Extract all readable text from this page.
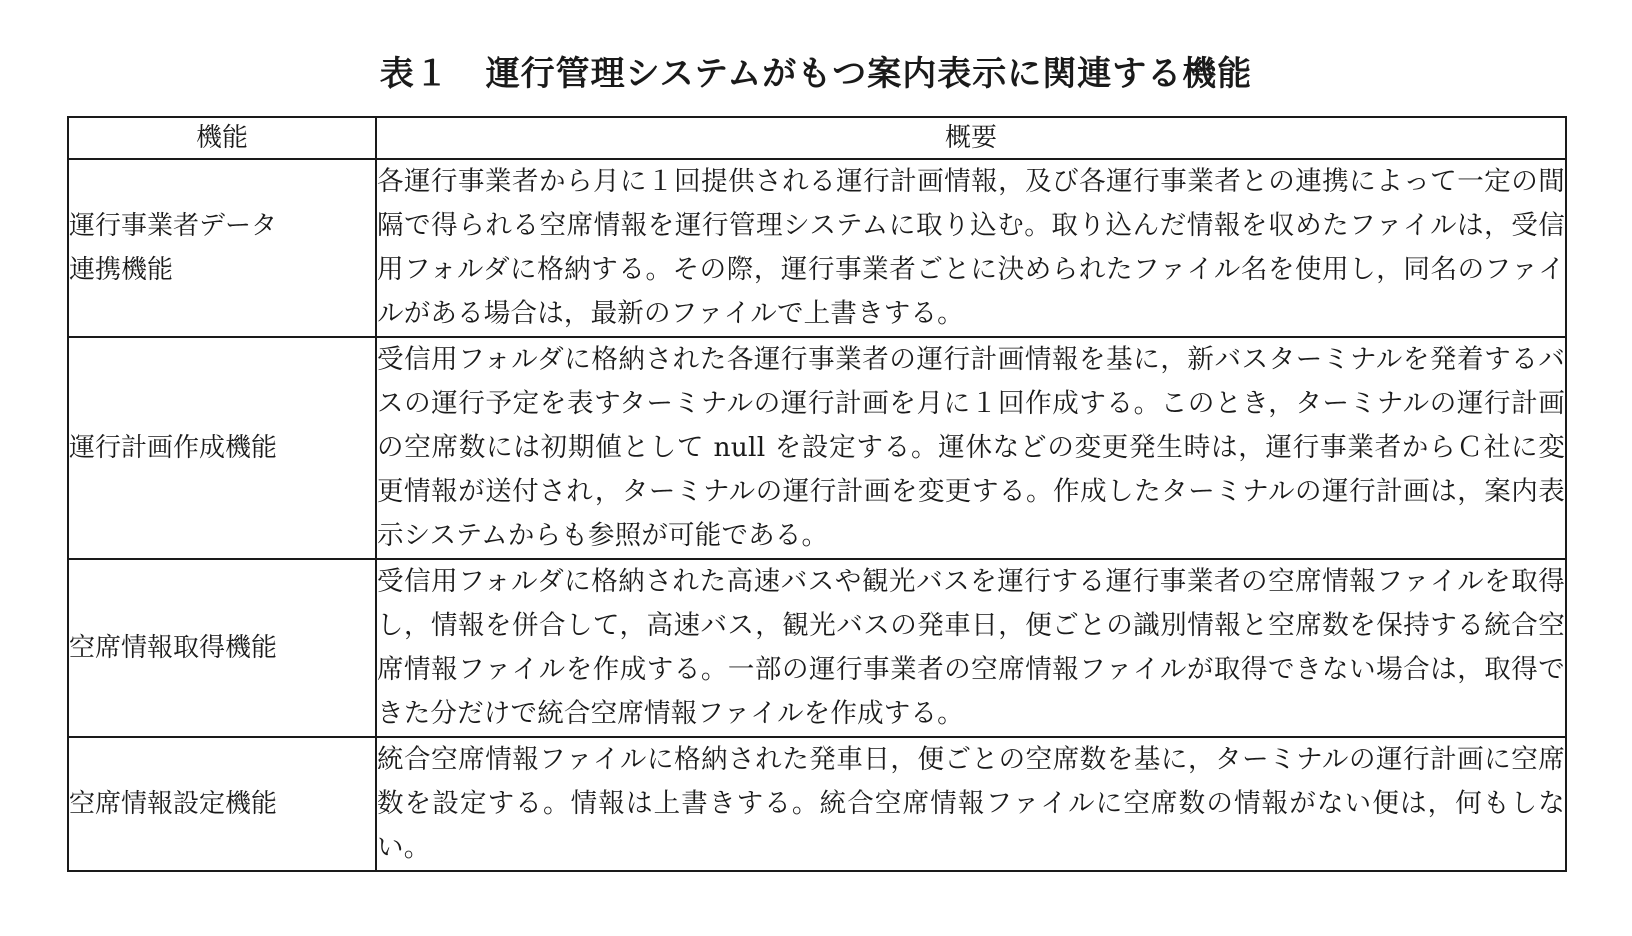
表１ 運行管理システムがもつ案内表示に関連する機能
機能	概要

運行事業者データ
連携機能	各運行事業者から月に１回提供される運行計画情報，及び各運行事業者との連携によって一定の間隔で得られる空席情報を運行管理システムに取り込む。取り込んだ情報を収めたファイルは，受信用フォルダに格納する。その際，運行事業者ごとに決められたファイル名を使用し，同名のファイルがある場合は，最新のファイルで上書きする。

運行計画作成機能	受信用フォルダに格納された各運行事業者の運行計画情報を基に，新バスターミナルを発着するバスの運行予定を表すターミナルの運行計画を月に１回作成する。このとき，ターミナルの運行計画の空席数には初期値として null を設定する。運休などの変更発生時は，運行事業者からＣ社に変更情報が送付され，ターミナルの運行計画を変更する。作成したターミナルの運行計画は，案内表示システムからも参照が可能である。

空席情報取得機能	受信用フォルダに格納された高速バスや観光バスを運行する運行事業者の空席情報ファイルを取得し，情報を併合して，高速バス，観光バスの発車日，便ごとの識別情報と空席数を保持する統合空席情報ファイルを作成する。一部の運行事業者の空席情報ファイルが取得できない場合は，取得できた分だけで統合空席情報ファイルを作成する。

空席情報設定機能	統合空席情報ファイルに格納された発車日，便ごとの空席数を基に，ターミナルの運行計画に空席数を設定する。情報は上書きする。統合空席情報ファイルに空席数の情報がない便は，何もしない。
